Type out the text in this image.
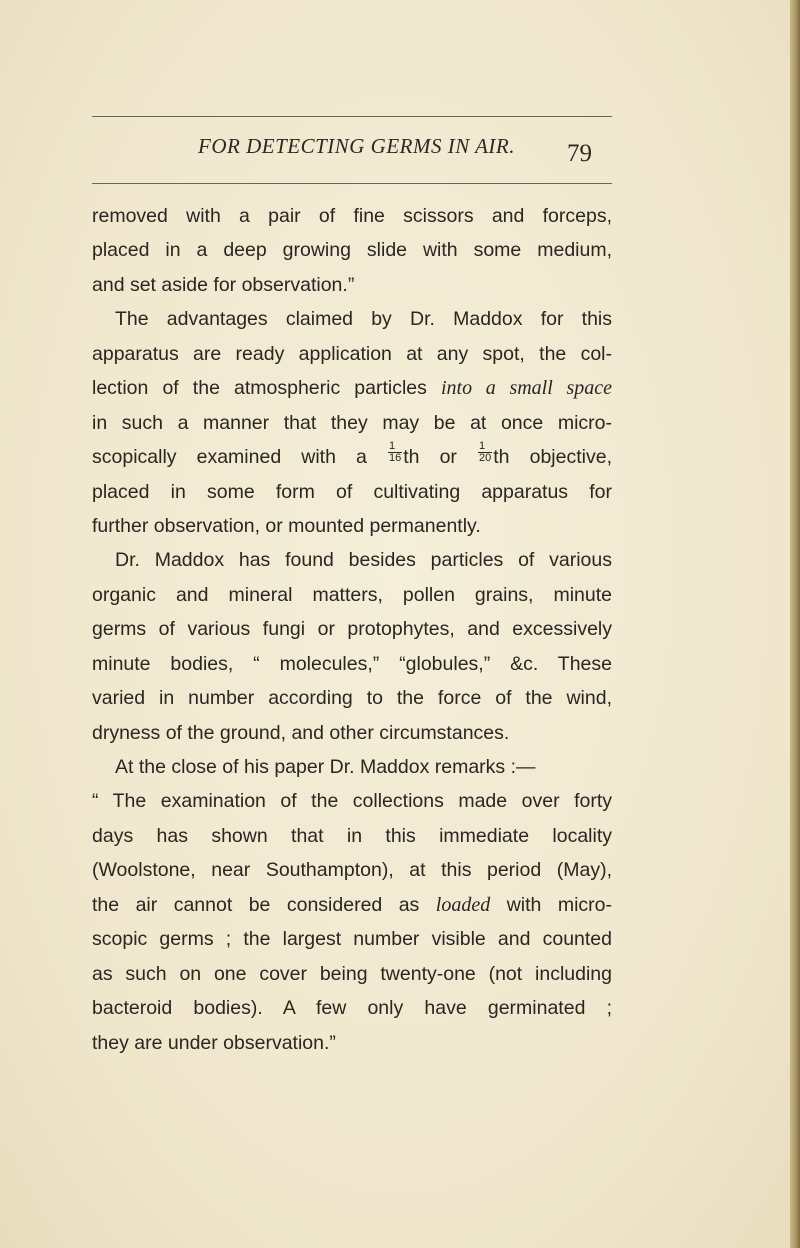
FOR DETECTING GERMS IN AIR. 79
removed with a pair of fine scissors and forceps,
placed in a deep growing slide with some medium,
and set aside for observation.”
The advantages claimed by Dr. Maddox for this
apparatus are ready application at any spot, the col-
lection of the atmospheric particles into a small space
in such a manner that they may be at once micro-
scopically examined with a $\frac{1}{16}$ th or $\frac{1}{20}$ th objective,
placed in some form of cultivating apparatus for
further observation, or mounted permanently.
Dr. Maddox has found besides particles of various
organic and mineral matters, pollen grains, minute
germs of various fungi or protophytes, and excessively
minute bodies, “ molecules,” “globules,” &c. These
varied in number according to the force of the wind,
dryness of the ground, and other circumstances.
At the close of his paper Dr. Maddox remarks :—
“ The examination of the collections made over forty
days has shown that in this immediate locality
(Woolstone, near Southampton), at this period (May),
the air cannot be considered as loaded with micro-
scopic germs ; the largest number visible and counted
as such on one cover being twenty-one (not including
bacteroid bodies). A few only have germinated ;
they are under observation.”
